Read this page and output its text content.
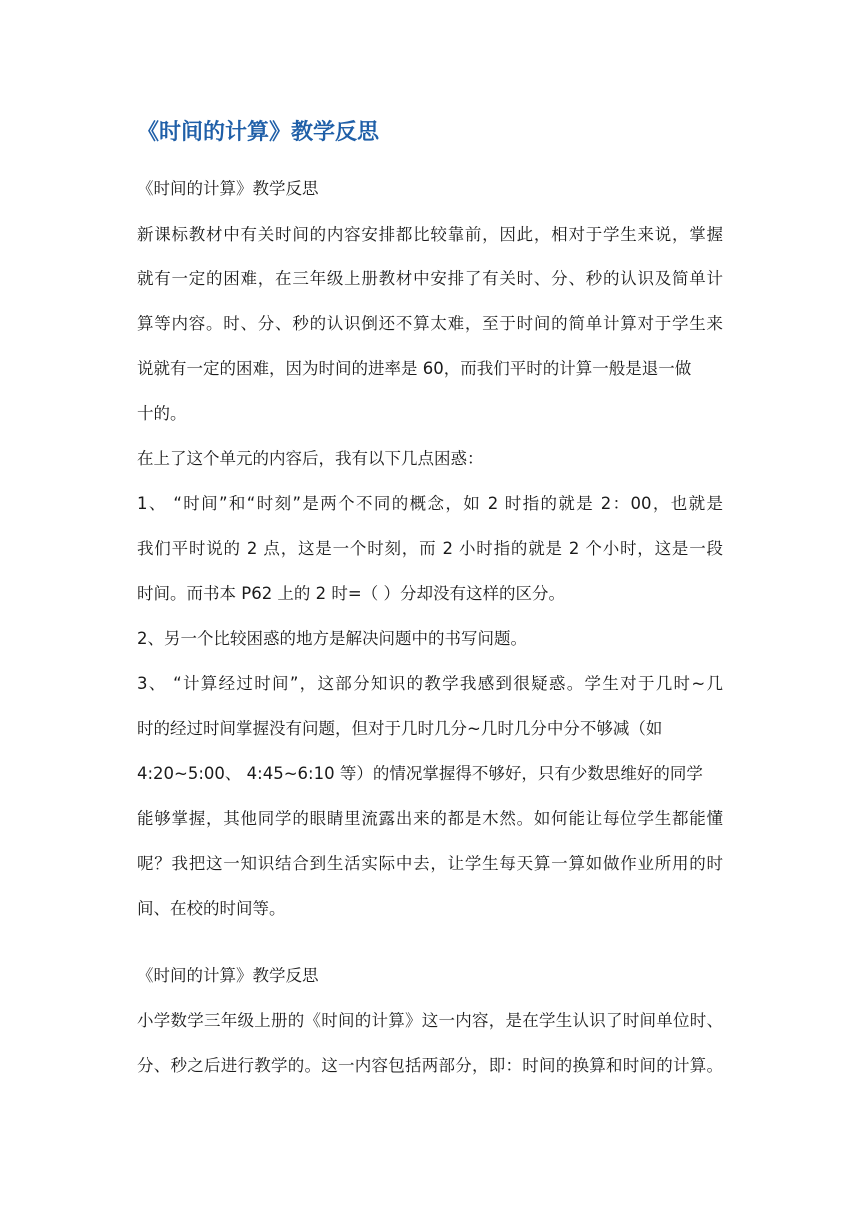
《时间的计算》教学反思
《时间的计算》教学反思
新课标教材中有关时间的内容安排都比较靠前，因此，相对于学生来说，掌握
就有一定的困难，在三年级上册教材中安排了有关时、分、秒的认识及简单计
算等内容。时、分、秒的认识倒还不算太难，至于时间的简单计算对于学生来
说就有一定的困难，因为时间的进率是 60，而我们平时的计算一般是退一做
十的。
在上了这个单元的内容后，我有以下几点困惑：
1、 “时间”和“时刻”是两个不同的概念，如 2 时指的就是 2：00，也就是
我们平时说的 2 点，这是一个时刻，而 2 小时指的就是 2 个小时，这是一段
时间。而书本 P62 上的 2 时=（ ）分却没有这样的区分。
2、另一个比较困惑的地方是解决问题中的书写问题。
3、 “计算经过时间”，这部分知识的教学我感到很疑惑。学生对于几时~几
时的经过时间掌握没有问题，但对于几时几分~几时几分中分不够减（如
4:20~5:00、 4:45~6:10 等）的情况掌握得不够好，只有少数思维好的同学
能够掌握，其他同学的眼睛里流露出来的都是木然。如何能让每位学生都能懂
呢？我把这一知识结合到生活实际中去，让学生每天算一算如做作业所用的时
间、在校的时间等。
《时间的计算》教学反思
小学数学三年级上册的《时间的计算》这一内容，是在学生认识了时间单位时、
分、秒之后进行教学的。这一内容包括两部分，即：时间的换算和时间的计算。
